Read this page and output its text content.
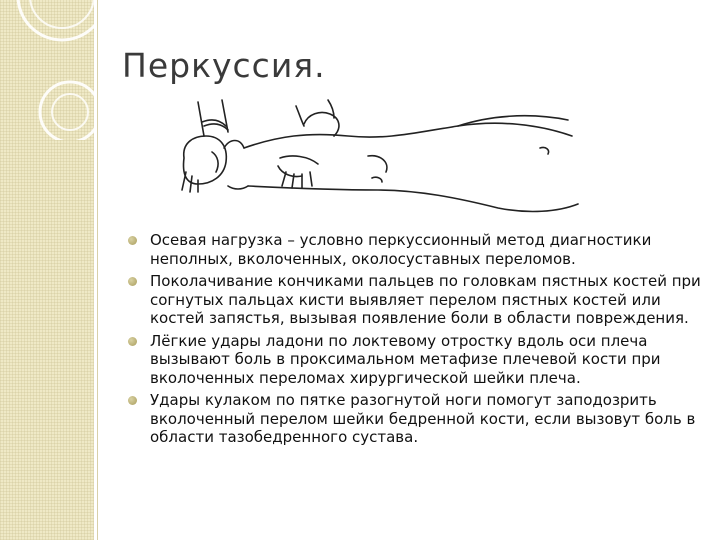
Перкуссия.
Осевая нагрузка – условно перкуссионный метод диагностики неполных, вколоченных, околосуставных переломов.
Поколачивание кончиками пальцев по головкам пястных костей при согнутых пальцах кисти выявляет перелом пястных костей или костей запястья, вызывая появление боли в области повреждения.
Лёгкие удары ладони по локтевому отростку вдоль оси плеча вызывают боль в проксимальном метафизе плечевой кости при вколоченных переломах хирургической шейки плеча.
Удары кулаком по пятке разогнутой ноги помогут заподозрить вколоченный перелом шейки бедренной кости, если вызовут боль в области тазобедренного сустава.
